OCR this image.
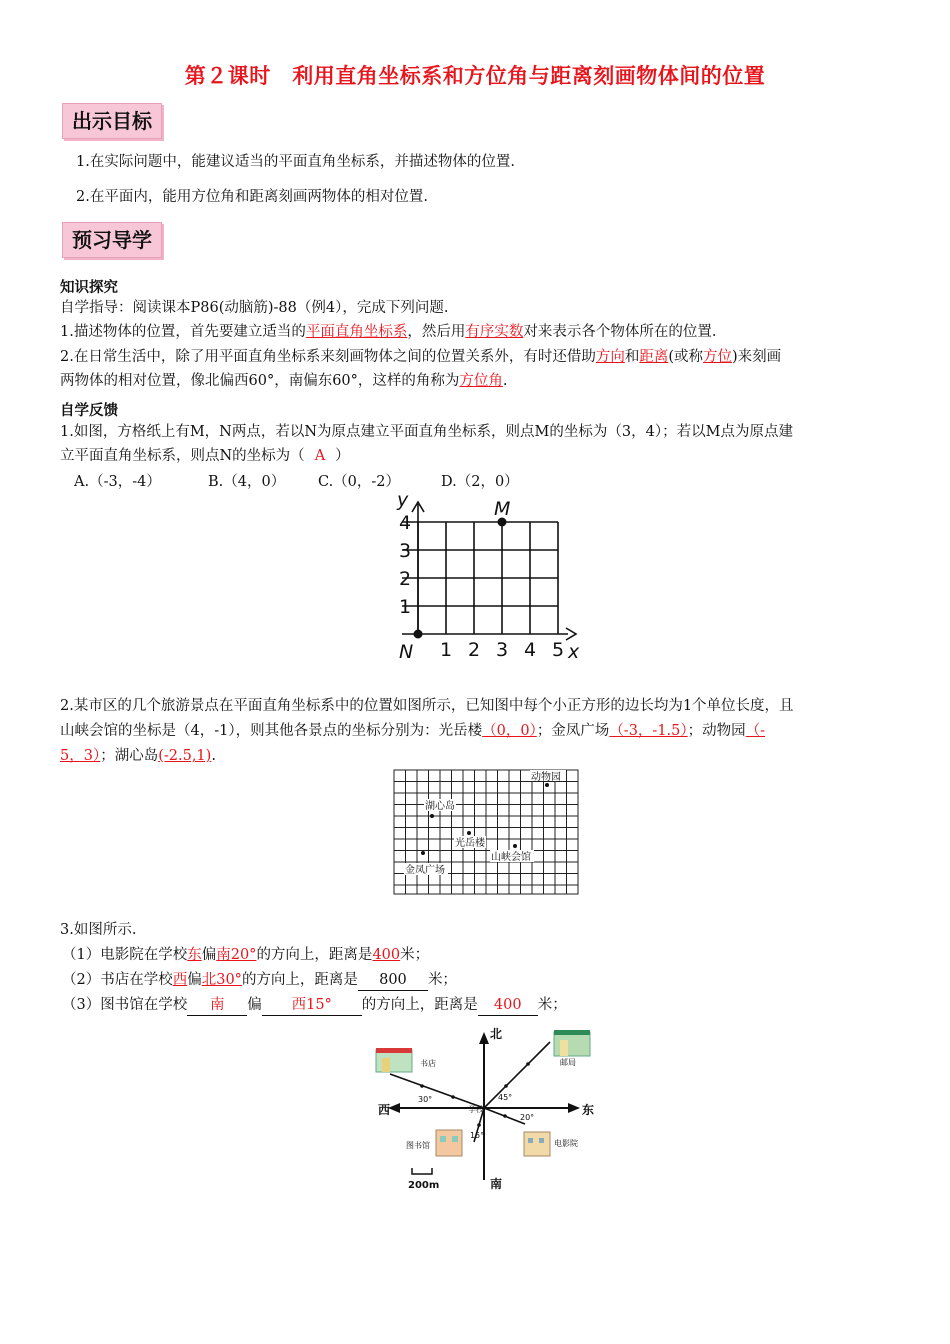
第２课时　利用直角坐标系和方位角与距离刻画物体间的位置
出示目标
1.在实际问题中，能建议适当的平面直角坐标系，并描述物体的位置.
2.在平面内，能用方位角和距离刻画两物体的相对位置.
预习导学
知识探究
自学指导：阅读课本P86(动脑筋)-88（例4），完成下列问题.
1.描述物体的位置，首先要建立适当的平面直角坐标系，然后用有序实数对来表示各个物体所在的位置.
2.在日常生活中，除了用平面直角坐标系来刻画物体之间的位置关系外，有时还借助方向和距离(或称方位)来刻画
两物体的相对位置，像北偏西60°，南偏东60°，这样的角称为方位角.
自学反馈
1.如图，方格纸上有M，N两点，若以N为原点建立平面直角坐标系，则点M的坐标为（3，4）；若以M点为原点建
立平面直角坐标系，则点N的坐标为（ A ）
A.（-3，-4）	B.（4，0） C.（0，-2）	D.（2，0）
y	M
N	x
4
3
2
1
1 2 3 4 5
2.某市区的几个旅游景点在平面直角坐标系中的位置如图所示，已知图中每个小正方形的边长均为1个单位长度，且
山峡会馆的坐标是（4，-1），则其他各景点的坐标分别为：光岳楼（0，0）；金凤广场（-3，-1.5）；动物园（-
5，3）；湖心岛(-2.5,1).
动物园
湖心岛
光岳楼
山峡会馆
金凤广场
3.如图所示.
（1）电影院在学校东偏南20°的方向上，距离是400米；
（2）书店在学校西偏北30°的方向上，距离是 800 米；
（3）图书馆在学校 南 偏 西15° 的方向上，距离是 400 米；
北
南
西	东
学校
书店	邮局
图书馆	电影院
30°	45°
20°
15°
200m
